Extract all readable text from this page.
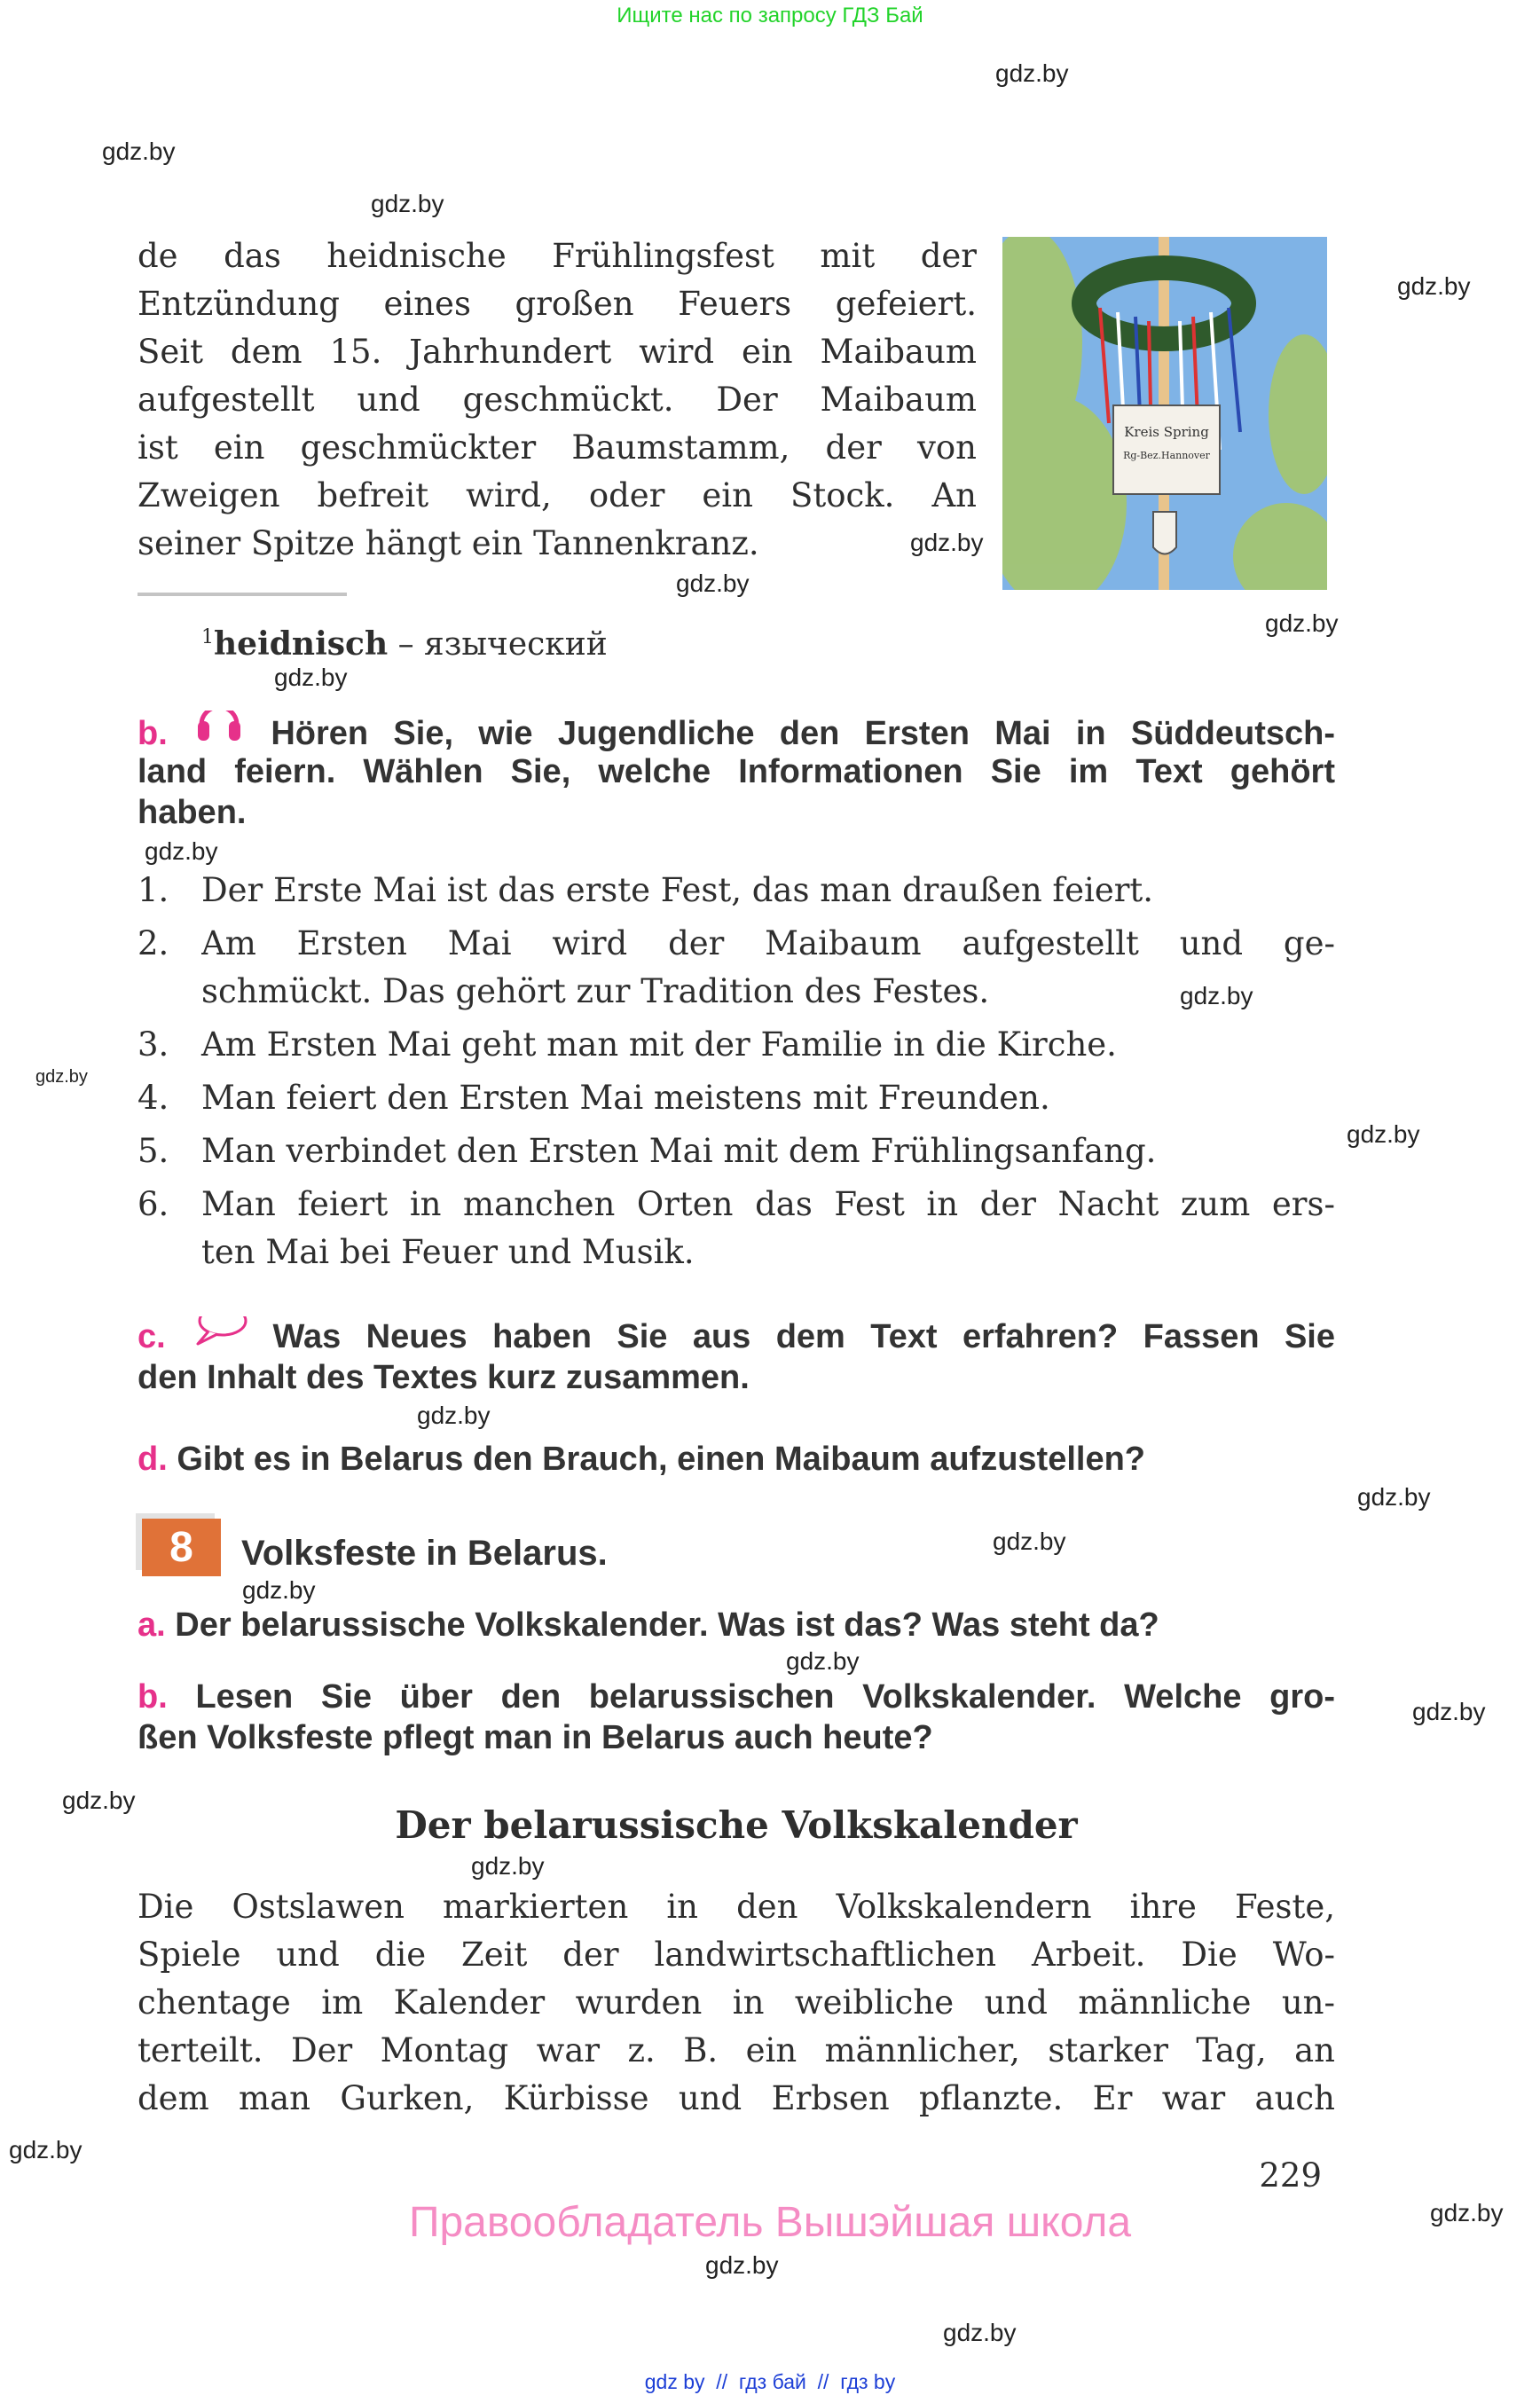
Ищите нас по запросу ГДЗ Бай
de das heidnische Frühlingsfest mit der
Entzündung eines großen Feuers gefeiert.
Seit dem 15. Jahrhundert wird ein Maibaum
aufgestellt und geschmückt. Der Maibaum
ist ein geschmückter Baumstamm, der von
Zweigen befreit wird, oder ein Stock. An
seiner Spitze hängt ein Tannenkranz.
Kreis Spring
Rg-Bez.Hannover
$^1$heidnisch – языческий
b.	Hören Sie, wie Jugendliche den Ersten Mai in Süddeutsch-
land feiern. Wählen Sie, welche Informationen Sie im Text gehört
haben.
1. Der Erste Mai ist das erste Fest, das man draußen feiert.
2. Am Ersten Mai wird der Maibaum aufgestellt und ge-
schmückt. Das gehört zur Tradition des Festes.
3. Am Ersten Mai geht man mit der Familie in die Kirche.
4. Man feiert den Ersten Mai meistens mit Freunden.
5. Man verbindet den Ersten Mai mit dem Frühlingsanfang.
6. Man feiert in manchen Orten das Fest in der Nacht zum ers-
ten Mai bei Feuer und Musik.
c.	Was Neues haben Sie aus dem Text erfahren? Fassen Sie
den Inhalt des Textes kurz zusammen.
d. Gibt es in Belarus den Brauch, einen Maibaum aufzustellen?
8	Volksfeste in Belarus.
a. Der belarussische Volkskalender. Was ist das? Was steht da?
b. Lesen Sie über den belarussischen Volkskalender. Welche gro-
ßen Volksfeste pflegt man in Belarus auch heute?
Der belarussische Volkskalender
Die Ostslawen markierten in den Volkskalendern ihre Feste,
Spiele und die Zeit der landwirtschaftlichen Arbeit. Die Wo-
chentage im Kalender wurden in weibliche und männliche un-
terteilt. Der Montag war z. B. ein männlicher, starker Tag, an
dem man Gurken, Kürbisse und Erbsen pflanzte. Er war auch
229
Правообладатель Вышэйшая школа
gdz by  //  гдз бай  //  гдз by
gdz.by
gdz.by
gdz.by
gdz.by
gdz.by
gdz.by
gdz.by
gdz.by
gdz.by
gdz.by
gdz.by
gdz.by
gdz.by
gdz.by
gdz.by
gdz.by
gdz.by
gdz.by
gdz.by
gdz.by
gdz.by
gdz.by
gdz.by
gdz.by
